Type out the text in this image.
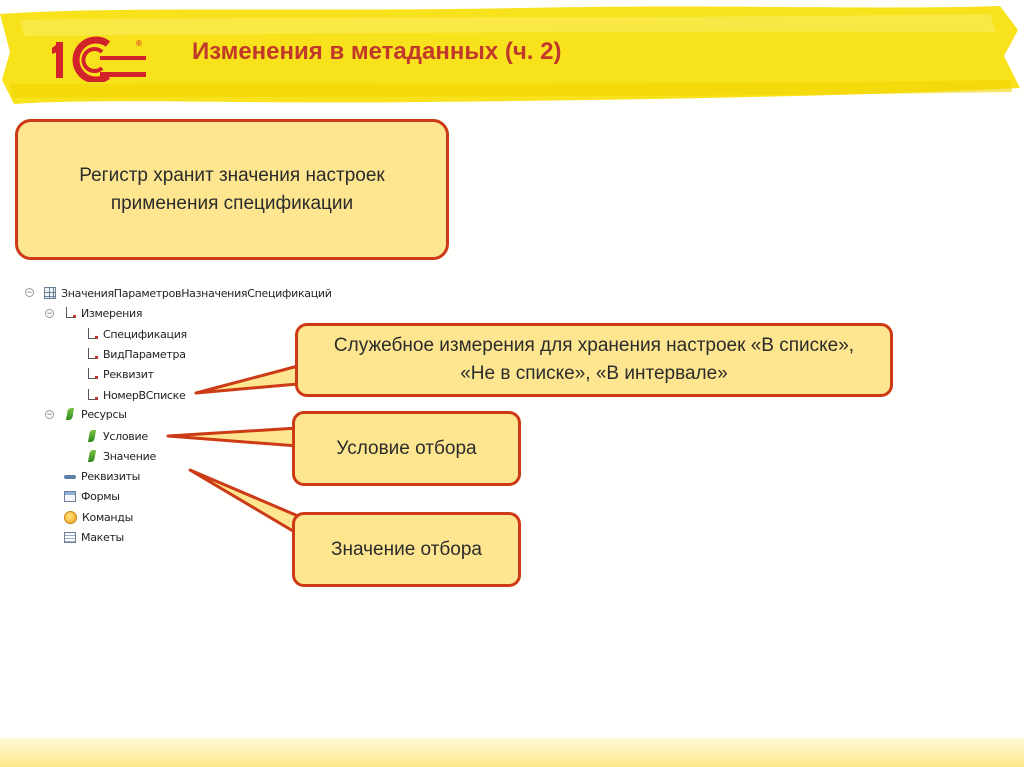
® Изменения в метаданных (ч. 2)
Регистр хранит значения настроек применения спецификации
Служебное измерения для хранения настроек «В списке», «Не в списке», «В интервале»
Условие отбора
Значение отбора
−	ЗначенияПараметровНазначенияСпецификаций
−	Измерения
Спецификация
ВидПараметра
Реквизит
НомерВСписке
−	Ресурсы
Условие
Значение
Реквизиты
Формы
Команды
Макеты
